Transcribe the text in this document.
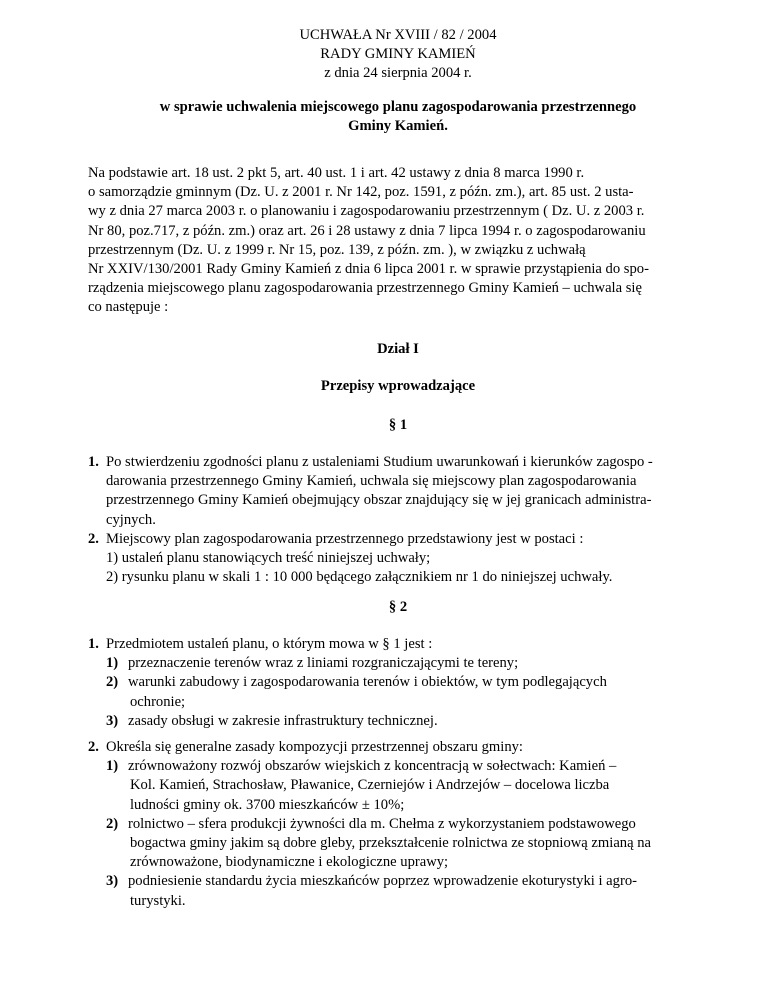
UCHWAŁA Nr XVIII / 82 / 2004
RADY GMINY KAMIEŃ
z dnia 24 sierpnia 2004 r.
w sprawie uchwalenia miejscowego planu zagospodarowania przestrzennego
Gminy Kamień.
Na podstawie art. 18 ust. 2 pkt 5, art. 40 ust. 1 i art. 42 ustawy z dnia 8 marca 1990 r.
o samorządzie gminnym (Dz. U. z 2001 r. Nr 142, poz. 1591, z późn. zm.), art. 85 ust. 2 usta-
wy z dnia 27 marca 2003 r. o planowaniu i zagospodarowaniu przestrzennym ( Dz. U. z 2003 r.
Nr 80, poz.717, z późn. zm.) oraz art. 26 i 28 ustawy z dnia 7 lipca 1994 r. o zagospodarowaniu
przestrzennym (Dz. U. z 1999 r. Nr 15, poz. 139, z późn. zm. ), w związku z uchwałą
Nr XXIV/130/2001 Rady Gminy Kamień z dnia 6 lipca 2001 r. w sprawie przystąpienia do spo-
rządzenia miejscowego planu zagospodarowania przestrzennego Gminy Kamień – uchwala się
co następuje :
Dział I
Przepisy wprowadzające
§ 1
1. Po stwierdzeniu zgodności planu z ustaleniami Studium uwarunkowań i kierunków zagospo -
darowania przestrzennego Gminy Kamień, uchwala się miejscowy plan zagospodarowania
przestrzennego Gminy Kamień obejmujący obszar znajdujący się w jej granicach administra-
cyjnych.
2. Miejscowy plan zagospodarowania przestrzennego przedstawiony jest w postaci :
1) ustaleń planu stanowiących treść niniejszej uchwały;
2) rysunku planu w skali 1 : 10 000 będącego załącznikiem nr 1 do niniejszej uchwały.
§ 2
1. Przedmiotem ustaleń planu, o którym mowa w § 1 jest :
1) przeznaczenie terenów wraz z liniami rozgraniczającymi te tereny;
2) warunki zabudowy i zagospodarowania terenów i obiektów, w tym podlegających
ochronie;
3) zasady obsługi w zakresie infrastruktury technicznej.
2. Określa się generalne zasady kompozycji przestrzennej obszaru gminy:
1) zrównoważony rozwój obszarów wiejskich z koncentracją w sołectwach: Kamień –
Kol. Kamień, Strachosław, Pławanice, Czerniejów i Andrzejów – docelowa liczba
ludności gminy ok. 3700 mieszkańców ± 10%;
2) rolnictwo – sfera produkcji żywności dla m. Chełma z wykorzystaniem podstawowego
bogactwa gminy jakim są dobre gleby, przekształcenie rolnictwa ze stopniową zmianą na
zrównoważone, biodynamiczne i ekologiczne uprawy;
3) podniesienie standardu życia mieszkańców poprzez wprowadzenie ekoturystyki i agro-
turystyki.
